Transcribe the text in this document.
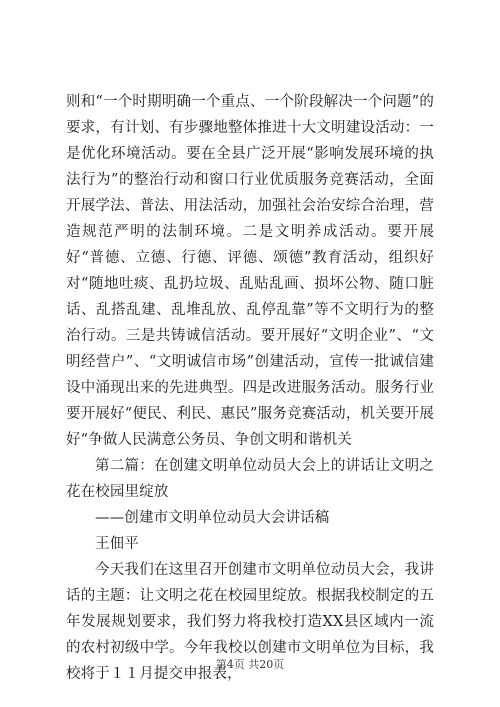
则和“一个时期明确一个重点、一个阶段解决一个问题”的要求，有计划、有步骤地整体推进十大文明建设活动：一是优化环境活动。要在全县广泛开展“影响发展环境的执法行为”的整治行动和窗口行业优质服务竞赛活动，全面开展学法、普法、用法活动，加强社会治安综合治理，营造规范严明的法制环境。二是文明养成活动。要开展好“普德、立德、行德、评德、颂德”教育活动，组织好对“随地吐痰、乱扔垃圾、乱贴乱画、损坏公物、随口脏话、乱搭乱建、乱堆乱放、乱停乱靠”等不文明行为的整治行动。三是共铸诚信活动。要开展好“文明企业”、“文明经营户”、“文明诚信市场”创建活动，宣传一批诚信建设中涌现出来的先进典型。四是改进服务活动。服务行业要开展好“便民、利民、惠民”服务竞赛活动，机关要开展好“争做人民满意公务员、争创文明和谐机关

第二篇：在创建文明单位动员大会上的讲话让文明之花在校园里绽放

——创建市文明单位动员大会讲话稿

王佃平

今天我们在这里召开创建市文明单位动员大会，我讲话的主题：让文明之花在校园里绽放。根据我校制定的五年发展规划要求，我们努力将我校打造XX县区域内一流的农村初级中学。今年我校以创建市文明单位为目标，我校将于１１月提交申报表，

第4页 共20页
